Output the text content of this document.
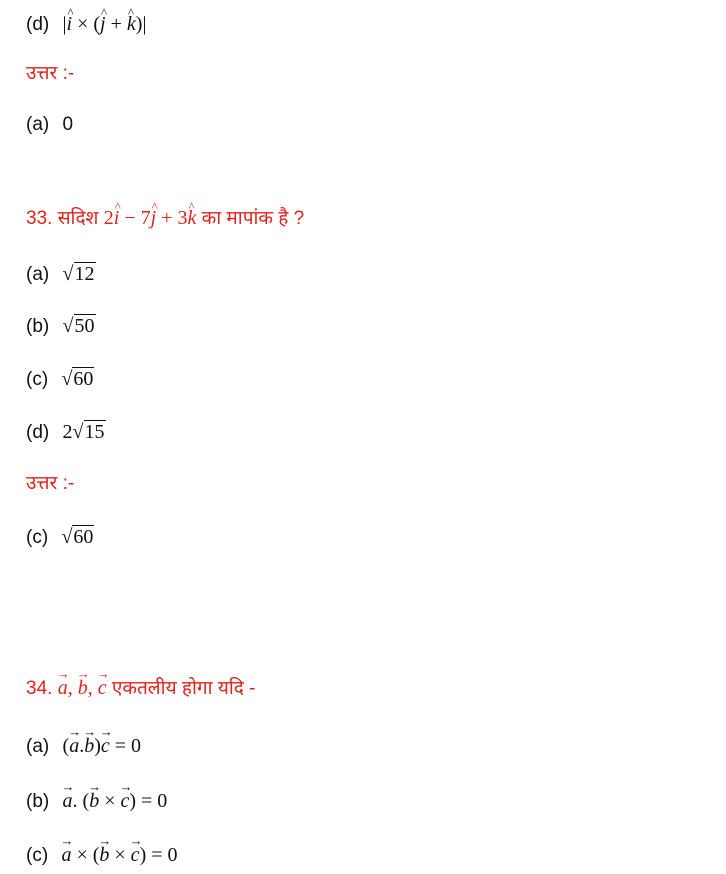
(d) |^ i × (^ j + ^ k)|
उत्तर :-
(a) 0
33. सदिश 2^ i − 7^ j + 3^ k का मापांक है ?
(a) √12
(b) √50
(c) √60
(d) 2√15
उत्तर :-
(c) √60
34. → a, → b, → c एकतलीय होगा यदि -
(a) (→ a.→ b)→ c = 0
(b) → a. (→ b × → c) = 0
(c) → a × (→ b × → c) = 0
